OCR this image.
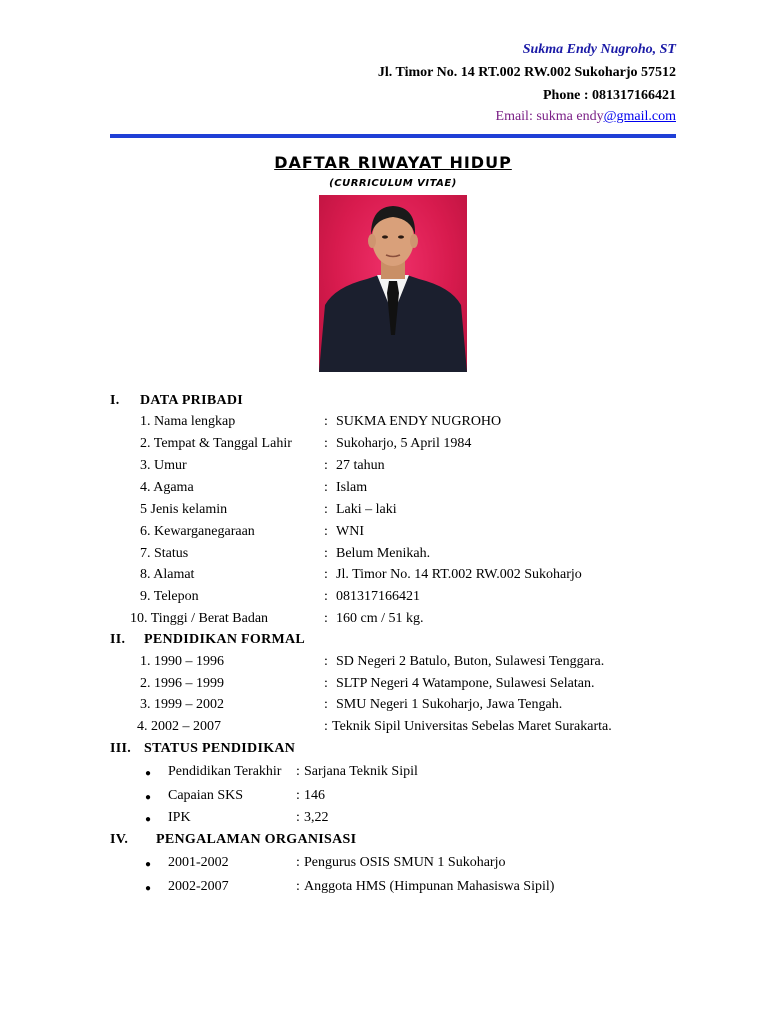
Sukma Endy Nugroho, ST
Jl. Timor No. 14 RT.002 RW.002 Sukoharjo 57512
Phone : 081317166421
Email: sukma endy@gmail.com
DAFTAR RIWAYAT HIDUP
(CURRICULUM VITAE)
I. DATA PRIBADI
1. Nama lengkap	: SUKMA ENDY NUGROHO
2. Tempat & Tanggal Lahir : Sukoharjo, 5 April 1984
3. Umur	: 27 tahun
4. Agama	: Islam
5 Jenis kelamin	: Laki – laki
6. Kewarganegaraan	: WNI
7. Status	: Belum Menikah.
8. Alamat	: Jl. Timor No. 14 RT.002 RW.002 Sukoharjo
9. Telepon	: 081317166421
10. Tinggi / Berat Badan	: 160 cm / 51 kg.
II. PENDIDIKAN FORMAL
1. 1990 – 1996	: SD Negeri 2 Batulo, Buton, Sulawesi Tenggara.
2. 1996 – 1999	: SLTP Negeri 4 Watampone, Sulawesi Selatan.
3. 1999 – 2002	: SMU Negeri 1 Sukoharjo, Jawa Tengah.
4. 2002 – 2007	: Teknik Sipil Universitas Sebelas Maret Surakarta.
III. STATUS PENDIDIKAN
● Pendidikan Terakhir : Sarjana Teknik Sipil
● Capaian SKS	: 146
● IPK	: 3,22
IV. PENGALAMAN ORGANISASI
● 2001-2002	: Pengurus OSIS SMUN 1 Sukoharjo
● 2002-2007	: Anggota HMS (Himpunan Mahasiswa Sipil)
